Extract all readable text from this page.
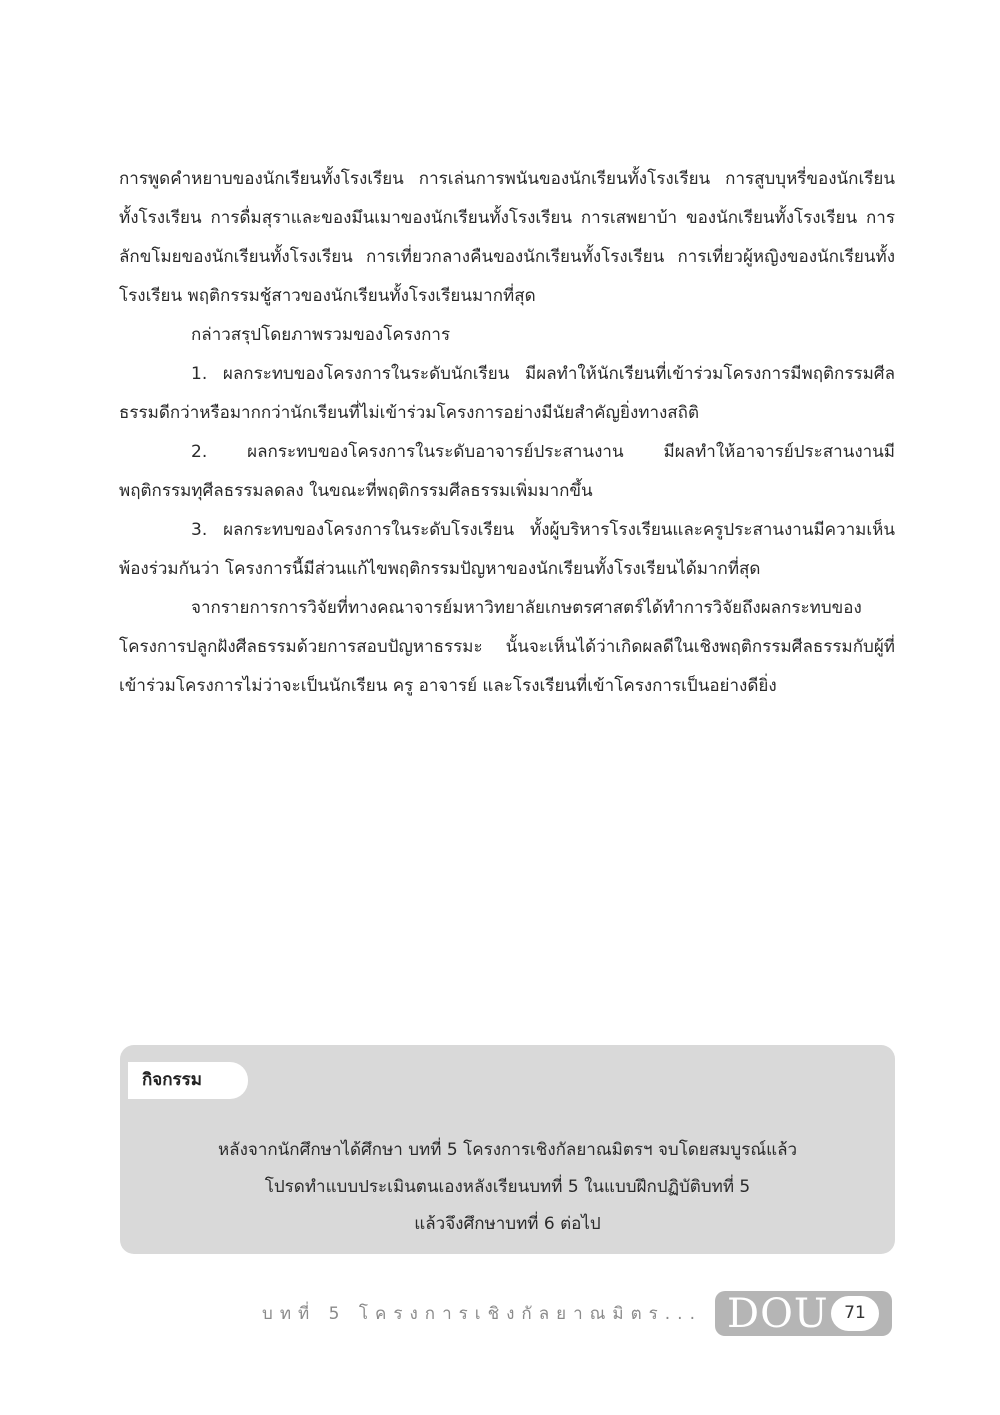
การพูดคำหยาบของนักเรียนทั้งโรงเรียน การเล่นการพนันของนักเรียนทั้งโรงเรียน การสูบบุหรี่ของนักเรียนทั้งโรงเรียน การดื่มสุราและของมึนเมาของนักเรียนทั้งโรงเรียน การเสพยาบ้า ของนักเรียนทั้งโรงเรียน การลักขโมยของนักเรียนทั้งโรงเรียน การเที่ยวกลางคืนของนักเรียนทั้งโรงเรียน การเที่ยวผู้หญิงของนักเรียนทั้งโรงเรียน พฤติกรรมชู้สาวของนักเรียนทั้งโรงเรียนมากที่สุด

กล่าวสรุปโดยภาพรวมของโครงการ

1. ผลกระทบของโครงการในระดับนักเรียน มีผลทำให้นักเรียนที่เข้าร่วมโครงการมีพฤติกรรมศีลธรรมดีกว่าหรือมากกว่านักเรียนที่ไม่เข้าร่วมโครงการอย่างมีนัยสำคัญยิ่งทางสถิติ

2. ผลกระทบของโครงการในระดับอาจารย์ประสานงาน มีผลทำให้อาจารย์ประสานงานมีพฤติกรรมทุศีลธรรมลดลง ในขณะที่พฤติกรรมศีลธรรมเพิ่มมากขึ้น

3. ผลกระทบของโครงการในระดับโรงเรียน ทั้งผู้บริหารโรงเรียนและครูประสานงานมีความเห็นพ้องร่วมกันว่า โครงการนี้มีส่วนแก้ไขพฤติกรรมปัญหาของนักเรียนทั้งโรงเรียนได้มากที่สุด

จากรายการการวิจัยที่ทางคณาจารย์มหาวิทยาลัยเกษตรศาสตร์ได้ทำการวิจัยถึงผลกระทบของโครงการปลูกฝังศีลธรรมด้วยการสอบปัญหาธรรมะ นั้นจะเห็นได้ว่าเกิดผลดีในเชิงพฤติกรรมศีลธรรมกับผู้ที่เข้าร่วมโครงการไม่ว่าจะเป็นนักเรียน ครู อาจารย์ และโรงเรียนที่เข้าโครงการเป็นอย่างดียิ่ง

กิจกรรม
หลังจากนักศึกษาได้ศึกษา บทที่ 5 โครงการเชิงกัลยาณมิตรฯ จบโดยสมบูรณ์แล้ว
โปรดทำแบบประเมินตนเองหลังเรียนบทที่ 5 ในแบบฝึกปฏิบัติบทที่ 5
แล้วจึงศึกษาบทที่ 6 ต่อไป
บทที่ 5 โครงการเชิงกัลยาณมิตร... DOU 71
